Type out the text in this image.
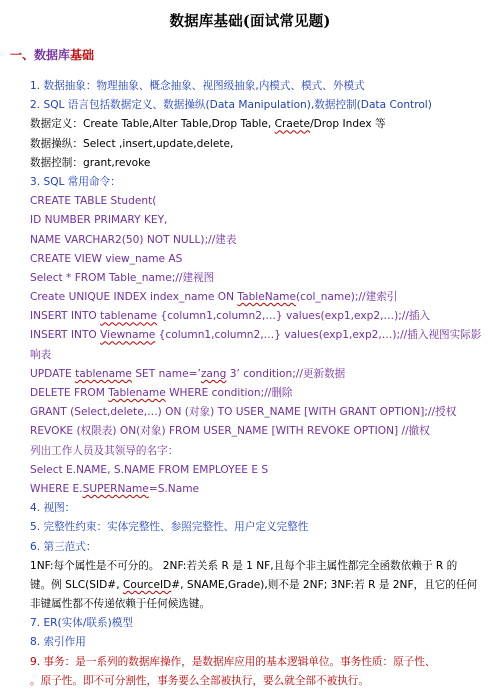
数据库基础(面试常见题)
一、数据库基础
1. 数据抽象：物理抽象、概念抽象、视图级抽象,内模式、模式、外模式
2. SQL 语言包括数据定义、数据操纵(Data Manipulation),数据控制(Data Control)
数据定义：Create Table,Alter Table,Drop Table, Craete/Drop Index 等
数据操纵：Select ,insert,update,delete,
数据控制：grant,revoke
3. SQL 常用命令：
CREATE TABLE Student(
ID NUMBER PRIMARY KEY,
NAME VARCHAR2(50) NOT NULL);//建表
CREATE VIEW view_name AS
Select * FROM Table_name;//建视图
Create UNIQUE INDEX index_name ON TableName(col_name);//建索引
INSERT INTO tablename {column1,column2,…} values(exp1,exp2,…);//插入
INSERT INTO Viewname {column1,column2,…} values(exp1,exp2,…);//插入视图实际影
响表
UPDATE tablename SET name=’zang 3’ condition;//更新数据
DELETE FROM Tablename WHERE condition;//删除
GRANT (Select,delete,…) ON (对象) TO USER_NAME [WITH GRANT OPTION];//授权
REVOKE (权限表) ON(对象) FROM USER_NAME [WITH REVOKE OPTION] //撤权
列出工作人员及其领导的名字：
Select E.NAME, S.NAME FROM EMPLOYEE E S
WHERE E.SUPERName=S.Name
4. 视图：
5. 完整性约束：实体完整性、参照完整性、用户定义完整性
6. 第三范式：
1NF:每个属性是不可分的。 2NF:若关系 R 是 1 NF,且每个非主属性都完全函数依赖于 R 的
键。例 SLC(SID#, CourceID#, SNAME,Grade),则不是 2NF; 3NF:若 R 是 2NF，且它的任何
非键属性都不传递依赖于任何候选键。
7. ER(实体/联系)模型
8. 索引作用
9. 事务：是一系列的数据库操作，是数据库应用的基本逻辑单位。事务性质：原子性、
。原子性。即不可分割性，事务要么全部被执行，要么就全部不被执行。
